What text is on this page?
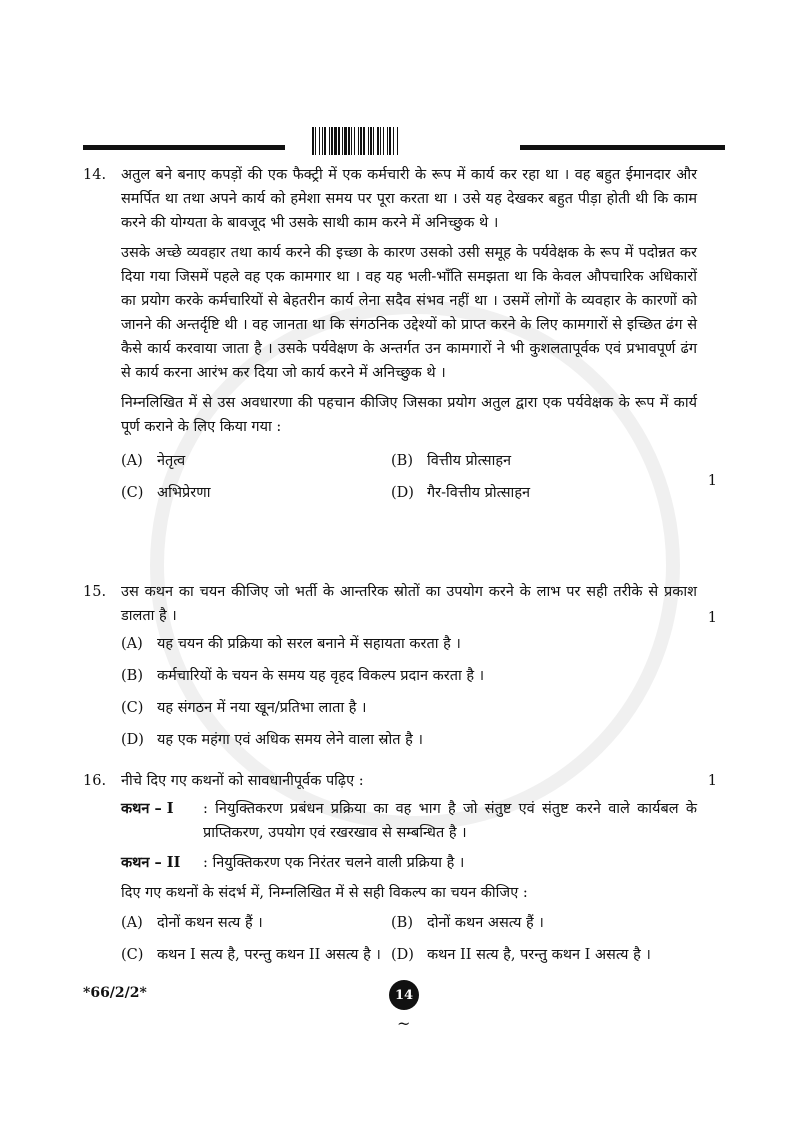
14.	अतुल बने बनाए कपड़ों की एक फैक्ट्री में एक कर्मचारी के रूप में कार्य कर रहा था । वह बहुत ईमानदार और समर्पित था तथा अपने कार्य को हमेशा समय पर पूरा करता था । उसे यह देखकर बहुत पीड़ा होती थी कि काम करने की योग्यता के बावजूद भी उसके साथी काम करने में अनिच्छुक थे ।

उसके अच्छे व्यवहार तथा कार्य करने की इच्छा के कारण उसको उसी समूह के पर्यवेक्षक के रूप में पदोन्नत कर दिया गया जिसमें पहले वह एक कामगार था । वह यह भली-भाँति समझता था कि केवल औपचारिक अधिकारों का प्रयोग करके कर्मचारियों से बेहतरीन कार्य लेना सदैव संभव नहीं था । उसमें लोगों के व्यवहार के कारणों को जानने की अन्तर्दृष्टि थी । वह जानता था कि संगठनिक उद्देश्यों को प्राप्त करने के लिए कामगारों से इच्छित ढंग से कैसे कार्य करवाया जाता है । उसके पर्यवेक्षण के अन्तर्गत उन कामगारों ने भी कुशलतापूर्वक एवं प्रभावपूर्ण ढंग से कार्य करना आरंभ कर दिया जो कार्य करने में अनिच्छुक थे ।

निम्नलिखित में से उस अवधारणा की पहचान कीजिए जिसका प्रयोग अतुल द्वारा एक पर्यवेक्षक के रूप में कार्य पूर्ण कराने के लिए किया गया :

(A) नेतृत्व	(B) वित्तीय प्रोत्साहन
(C) अभिप्रेरणा	(D) गैर-वित्तीय प्रोत्साहन
1
15.	उस कथन का चयन कीजिए जो भर्ती के आन्तरिक स्रोतों का उपयोग करने के लाभ पर सही तरीके से प्रकाश डालता है ।

(A) यह चयन की प्रक्रिया को सरल बनाने में सहायता करता है ।
(B) कर्मचारियों के चयन के समय यह वृहद विकल्प प्रदान करता है ।
(C) यह संगठन में नया खून/प्रतिभा लाता है ।
(D) यह एक महंगा एवं अधिक समय लेने वाला स्रोत है ।
1
16.	नीचे दिए गए कथनों को सावधानीपूर्वक पढ़िए :

कथन – I	: नियुक्तिकरण प्रबंधन प्रक्रिया का वह भाग है जो संतुष्ट एवं संतुष्ट करने वाले कार्यबल के प्राप्तिकरण, उपयोग एवं रखरखाव से सम्बन्धित है ।
कथन – II	: नियुक्तिकरण एक निरंतर चलने वाली प्रक्रिया है ।

दिए गए कथनों के संदर्भ में, निम्नलिखित में से सही विकल्प का चयन कीजिए :

(A) दोनों कथन सत्य हैं ।	(B) दोनों कथन असत्य हैं ।
(C) कथन I सत्य है, परन्तु कथन II असत्य है । (D) कथन II सत्य है, परन्तु कथन I असत्य है ।
1
*66/2/2*	14
~
